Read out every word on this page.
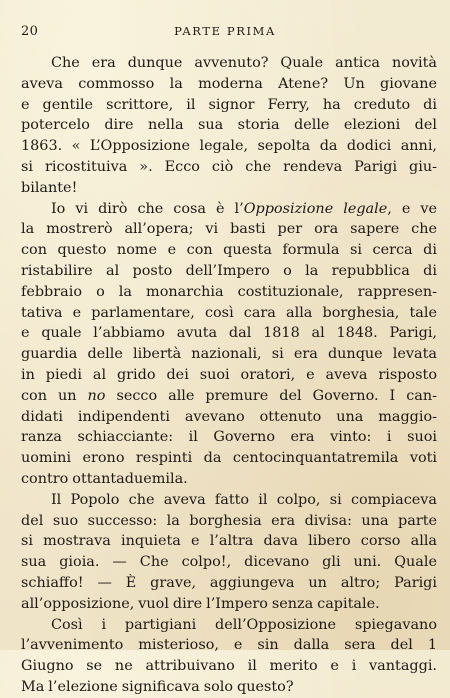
20	PARTE PRIMA
Che era dunque avvenuto? Quale antica novità
aveva commosso la moderna Atene? Un giovane
e gentile scrittore, il signor Ferry, ha creduto di
potercelo dire nella sua storia delle elezioni del
1863. « L’Opposizione legale, sepolta da dodici anni,
si ricostituiva ». Ecco ciò che rendeva Parigi giu-
bilante!
Io vi dirò che cosa è l’Opposizione legale, e ve
la mostrerò all’opera; vi basti per ora sapere che
con questo nome e con questa formula si cerca di
ristabilire al posto dell’Impero o la repubblica di
febbraio o la monarchia costituzionale, rappresen-
tativa e parlamentare, così cara alla borghesia, tale
e quale l’abbiamo avuta dal 1818 al 1848. Parigi,
guardia delle libertà nazionali, si era dunque levata
in piedi al grido dei suoi oratori, e aveva risposto
con un no secco alle premure del Governo. I can-
didati indipendenti avevano ottenuto una maggio-
ranza schiacciante: il Governo era vinto: i suoi
uomini erono respinti da centocinquantatremila voti
contro ottantaduemila.
Il Popolo che aveva fatto il colpo, si compiaceva
del suo successo: la borghesia era divisa: una parte
si mostrava inquieta e l’altra dava libero corso alla
sua gioia. — Che colpo!, dicevano gli uni. Quale
schiaffo! — È grave, aggiungeva un altro; Parigi
all’opposizione, vuol dire l’Impero senza capitale.
Così i partigiani dell’Opposizione spiegavano
l’avvenimento misterioso, e sin dalla sera del 1
Giugno se ne attribuivano il merito e i vantaggi.
Ma l’elezione significava solo questo?
